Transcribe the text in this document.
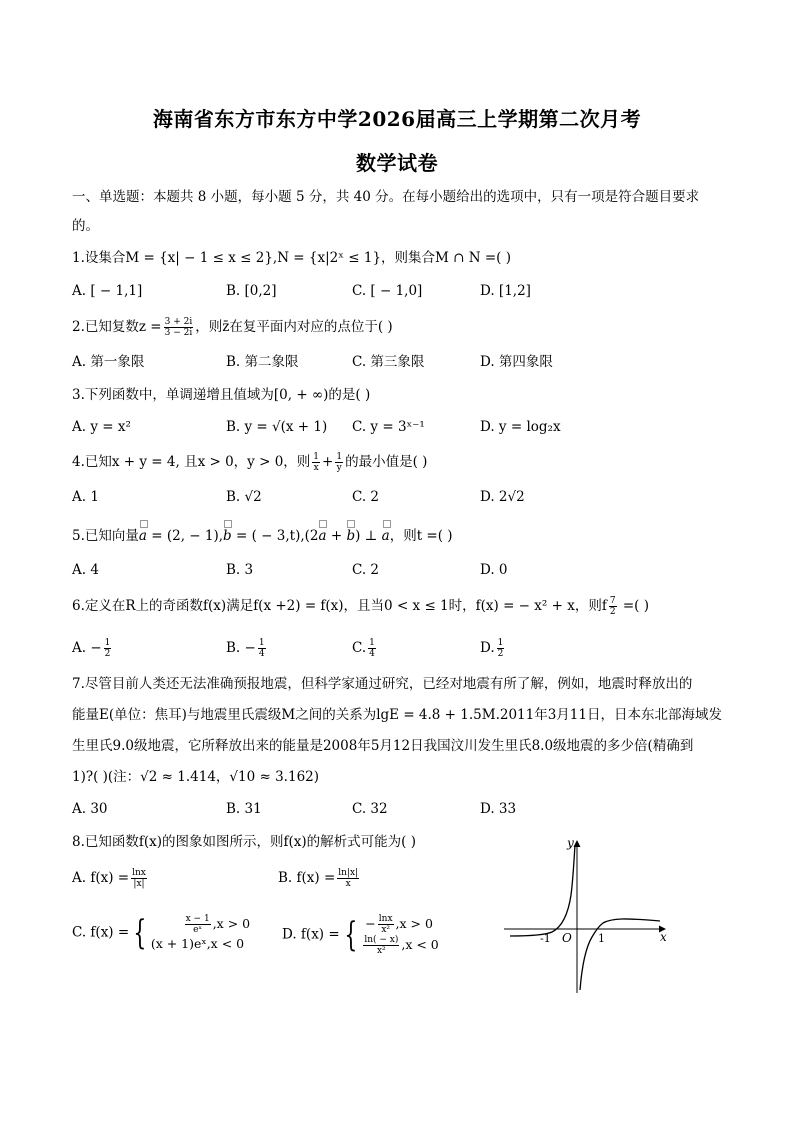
海南省东方市东方中学2026届高三上学期第二次月考
数学试卷
一、单选题：本题共 8 小题，每小题 5 分，共 40 分。在每小题给出的选项中，只有一项是符合题目要求
的。
1.设集合M = {x| − 1 ≤ x ≤ 2},N = {x|2ˣ ≤ 1}，则集合M ∩ N =( )
A. [ − 1,1]	B. [0,2]	C. [ − 1,0]	D. [1,2]
2.已知复数$z = \frac{3 + 2i}{3 - 2i}$ ，则z̄在复平面内对应的点位于( )
A. 第一象限	B. 第二象限	C. 第三象限	D. 第四象限
3.下列函数中，单调递增且值域为[0, + ∞)的是( )
A. y = x²	B. y = √(x + 1) C. y = 3ˣ⁻¹	D. y = log₂x
4.已知x + y = 4, 且x > 0，y > 0，则 $\frac{1}{x} + \frac{1}{y}$ 的最小值是( )
A. 1	B. √2	C. 2	D. 2√2
5.已知向量a = (2, − 1),b = ( − 3,t),(2a + b) ⊥ a，则t =( )
A. 4	B. 3	C. 2	D. 0
6.定义在R上的奇函数f(x)满足f(x +2) = f(x)，且当0 < x ≤ 1时，f(x) = − x² + x，则f $\frac{7}{2}$ =( )
A. − $\frac{1}{2}$	B. − $\frac{1}{4}$	C. $\frac{1}{4}$	D. $\frac{1}{2}$
7.尽管目前人类还无法准确预报地震，但科学家通过研究，已经对地震有所了解，例如，地震时释放出的
能量E(单位：焦耳)与地震里氏震级M之间的关系为lgE = 4.8 + 1.5M.2011年3月11日，日本东北部海域发
生里氏9.0级地震，它所释放出来的能量是2008年5月12日我国汶川发生里氏8.0级地震的多少倍(精确到
1)?( )(注：√2 ≈ 1.414，√10 ≈ 3.162)
A. 30	B. 31	C. 32	D. 33
8.已知函数f(x)的图象如图所示，则f(x)的解析式可能为( )
A. $f(x) = \frac{\ln x}{|x|}$	B. $f(x) = \frac{\ln|x|}{x}$
C. f(x) = {
	$\frac{x - 1}{\text{eˣ}} ,x > 0$
(x + 1)eˣ,x < 0
D. f(x) = { − $\frac{\ln x}{\text{x²}} ,x > 0$
$\frac{\ln( - x)}{\text{x²}} ,x < 0$
y
x
O
-1	1
